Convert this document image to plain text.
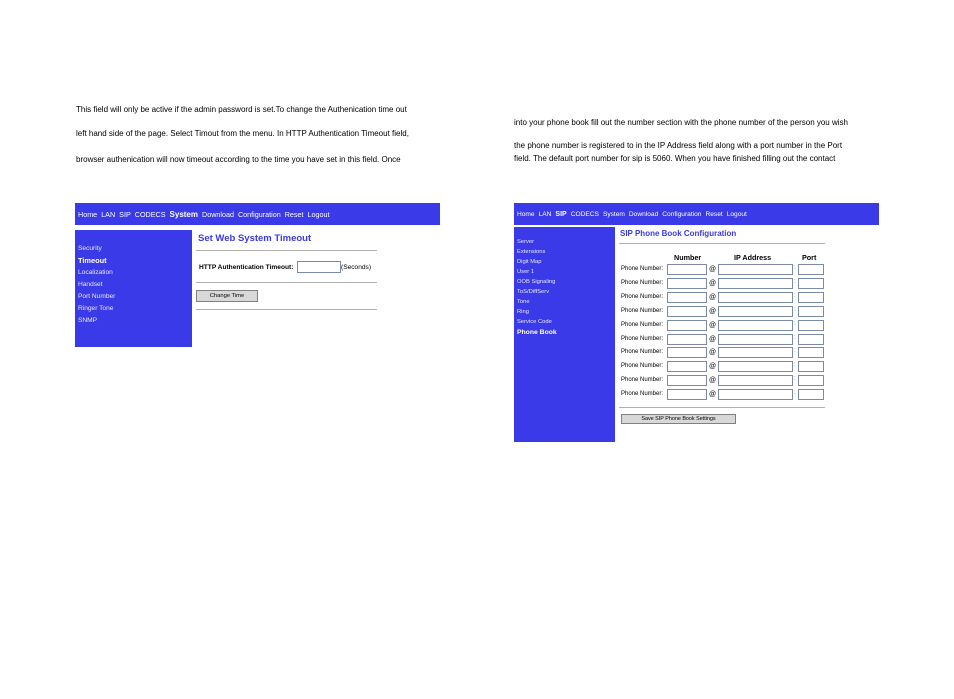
This field will only be active if the admin password is set.To change the Authenication time out
left hand side of the page. Select Timout from the menu. In HTTP Authentication Timeout field,
browser authenication will now timeout according to the time you have set in this field. Once
into your phone book fill out the number section with the phone number of the person you wish
the phone number is registered to in the IP Address field along with a port number in the Port
field. The default port number for sip is 5060. When you have finished filling out the contact
Home LAN SIP CODECS System Download Configuration Reset Logout
Security
Timeout
Localization
Handset
Port Number
Ringer Tone
SNMP
Set Web System Timeout
HTTP Authentication Timeout:	(Seconds)
Change Time
Home LAN SIP CODECS System Download Configuration Reset Logout
Server
Extensions
Digit Map
User 1
OOB Signaling
ToS/DiffServ
Tone
Ring
Service Code
Phone Book
SIP Phone Book Configuration
Number	IP Address	Port
Phone Number:	@	:
Phone Number:	@	:
Phone Number:	@	:
Phone Number:	@	:
Phone Number:	@	:
Phone Number:	@	:
Phone Number:	@	:
Phone Number:	@	:
Phone Number:	@	:
Phone Number:	@	:
Save SIP Phone Book Settings
